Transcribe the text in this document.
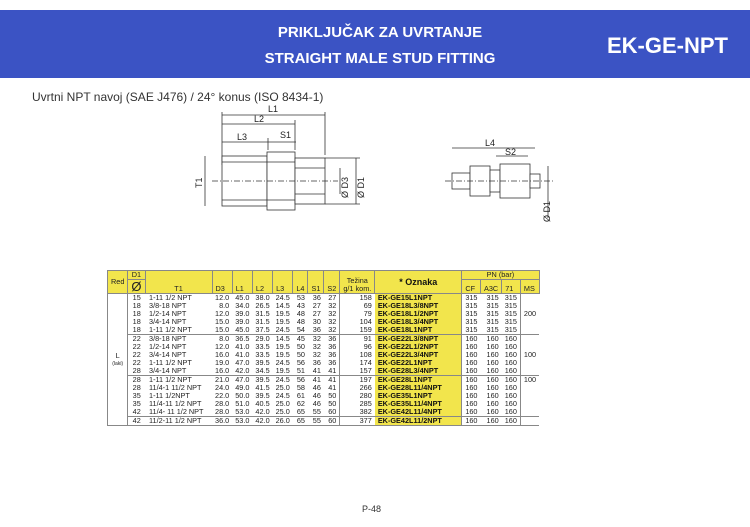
PRIKLJUČAK ZA UVRTANJE
STRAIGHT MALE STUD FITTING
EK-GE-NPT
Uvrtni NPT navoj (SAE J476) / 24° konus (ISO 8434-1)
L1
L2
L3	S1
T1	Ø D3 Ø D1
L4
S2
Ø D1
Red	D1	T1	D3	L1	L2	L3	L4	S1	S2	Težina
g/1 kom.	* Oznaka	PN (bar)			
	Ø											CF	A3C	71	MS

L
(laki)	15	1-11 1/2 NPT	12.0	45.0	38.0	24.5	53	36	27	158	EK-GE15L1NPT	315	315	315	
	18	3/8-18 NPT	8.0	34.0	26.5	14.5	43	27	32	69	EK-GE18L3/8NPT	315	315	315	
	18	1/2-14 NPT	12.0	39.0	31.5	19.5	48	27	32	79	EK-GE18L1/2NPT	315	315	315	200
	18	3/4-14 NPT	15.0	39.0	31.5	19.5	48	30	32	104	EK-GE18L3/4NPT	315	315	315	
	18	1-11 1/2 NPT	15.0	45.0	37.5	24.5	54	36	32	159	EK-GE18L1NPT	315	315	315	
	22	3/8-18 NPT	8.0	36.5	29.0	14.5	45	32	36	91	EK-GE22L3/8NPT	160	160	160	
	22	1/2-14 NPT	12.0	41.0	33.5	19.5	50	32	36	96	EK-GE22L1/2NPT	160	160	160	
	22	3/4-14 NPT	16.0	41.0	33.5	19.5	50	32	36	108	EK-GE22L3/4NPT	160	160	160	100
	22	1-11 1/2 NPT	19.0	47.0	39.5	24.5	56	36	36	174	EK-GE22L1NPT	160	160	160	
	28	3/4-14 NPT	16.0	42.0	34.5	19.5	51	41	41	157	EK-GE28L3/4NPT	160	160	160	
	28	1-11 1/2 NPT	21.0	47.0	39.5	24.5	56	41	41	197	EK-GE28L1NPT	160	160	160	100
	28	11/4-1 11/2 NPT	24.0	49.0	41.5	25.0	58	46	41	266	EK-GE28L11/4NPT	160	160	160	
	35	1-11 1/2NPT	22.0	50.0	39.5	24.5	61	46	50	280	EK-GE35L1NPT	160	160	160	
	35	11/4-11 1/2 NPT	28.0	51.0	40.5	25.0	62	46	50	285	EK-GE35L11/4NPT	160	160	160	
	42	11/4- 11 1/2 NPT	28.0	53.0	42.0	25.0	65	55	60	382	EK-GE42L11/4NPT	160	160	160	
	42	11/2-11 1/2 NPT	36.0	53.0	42.0	26.0	65	55	60	377	EK-GE42L11/2NPT	160	160	160	
P-48
